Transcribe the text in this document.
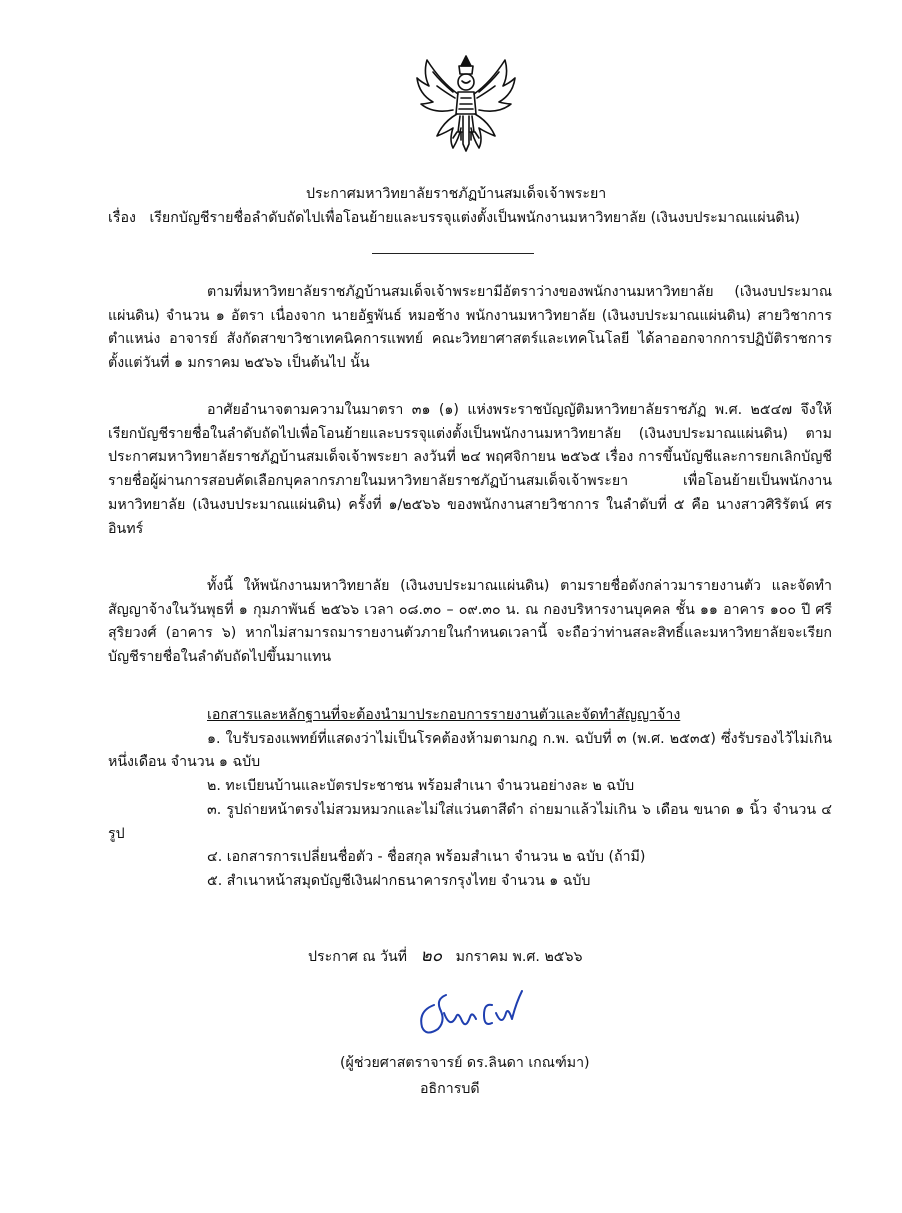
ประกาศมหาวิทยาลัยราชภัฏบ้านสมเด็จเจ้าพระยา
เรื่อง เรียกบัญชีรายชื่อลำดับถัดไปเพื่อโอนย้ายและบรรจุแต่งตั้งเป็นพนักงานมหาวิทยาลัย (เงินงบประมาณแผ่นดิน)

ตามที่มหาวิทยาลัยราชภัฏบ้านสมเด็จเจ้าพระยามีอัตราว่างของพนักงานมหาวิทยาลัย (เงินงบประมาณแผ่นดิน) จำนวน ๑ อัตรา เนื่องจาก นายอัฐพันธ์ หมอช้าง พนักงานมหาวิทยาลัย (เงินงบประมาณแผ่นดิน) สายวิชาการ ตำแหน่ง อาจารย์ สังกัดสาขาวิชาเทคนิคการแพทย์ คณะวิทยาศาสตร์และเทคโนโลยี ได้ลาออกจากการปฏิบัติราชการตั้งแต่วันที่ ๑ มกราคม ๒๕๖๖ เป็นต้นไป นั้น

อาศัยอำนาจตามความในมาตรา ๓๑ (๑) แห่งพระราชบัญญัติมหาวิทยาลัยราชภัฏ พ.ศ. ๒๕๔๗ จึงให้เรียกบัญชีรายชื่อในลำดับถัดไปเพื่อโอนย้ายและบรรจุแต่งตั้งเป็นพนักงานมหาวิทยาลัย (เงินงบประมาณแผ่นดิน) ตามประกาศมหาวิทยาลัยราชภัฏบ้านสมเด็จเจ้าพระยา ลงวันที่ ๒๔ พฤศจิกายน ๒๕๖๕ เรื่อง การขึ้นบัญชีและการยกเลิกบัญชีรายชื่อผู้ผ่านการสอบคัดเลือกบุคลากรภายในมหาวิทยาลัยราชภัฏบ้านสมเด็จเจ้าพระยา เพื่อโอนย้ายเป็นพนักงานมหาวิทยาลัย (เงินงบประมาณแผ่นดิน) ครั้งที่ ๑/๒๕๖๖ ของพนักงานสายวิชาการ ในลำดับที่ ๕ คือ นางสาวศิริรัตน์ ศรอินทร์

ทั้งนี้ ให้พนักงานมหาวิทยาลัย (เงินงบประมาณแผ่นดิน) ตามรายชื่อดังกล่าวมารายงานตัว และจัดทำสัญญาจ้างในวันพุธที่ ๑ กุมภาพันธ์ ๒๕๖๖ เวลา ๐๘.๓๐ – ๐๙.๓๐ น. ณ กองบริหารงานบุคคล ชั้น ๑๑ อาคาร ๑๐๐ ปี ศรีสุริยวงศ์ (อาคาร ๖) หากไม่สามารถมารายงานตัวภายในกำหนดเวลานี้ จะถือว่าท่านสละสิทธิ์และมหาวิทยาลัยจะเรียกบัญชีรายชื่อในลำดับถัดไปขึ้นมาแทน

เอกสารและหลักฐานที่จะต้องนำมาประกอบการรายงานตัวและจัดทำสัญญาจ้าง

๑. ใบรับรองแพทย์ที่แสดงว่าไม่เป็นโรคต้องห้ามตามกฎ ก.พ. ฉบับที่ ๓ (พ.ศ. ๒๕๓๕) ซึ่งรับรองไว้ไม่เกินหนึ่งเดือน จำนวน ๑ ฉบับ

๒. ทะเบียนบ้านและบัตรประชาชน พร้อมสำเนา จำนวนอย่างละ ๒ ฉบับ

๓. รูปถ่ายหน้าตรงไม่สวมหมวกและไม่ใส่แว่นตาสีดำ ถ่ายมาแล้วไม่เกิน ๖ เดือน ขนาด ๑ นิ้ว จำนวน ๔ รูป

๔. เอกสารการเปลี่ยนชื่อตัว - ชื่อสกุล พร้อมสำเนา จำนวน ๒ ฉบับ (ถ้ามี)

๕. สำเนาหน้าสมุดบัญชีเงินฝากธนาคารกรุงไทย จำนวน ๑ ฉบับ

ประกาศ ณ วันที่ ๒๐ มกราคม พ.ศ. ๒๕๖๖
(ผู้ช่วยศาสตราจารย์ ดร.ลินดา เกณฑ์มา)
อธิการบดี
